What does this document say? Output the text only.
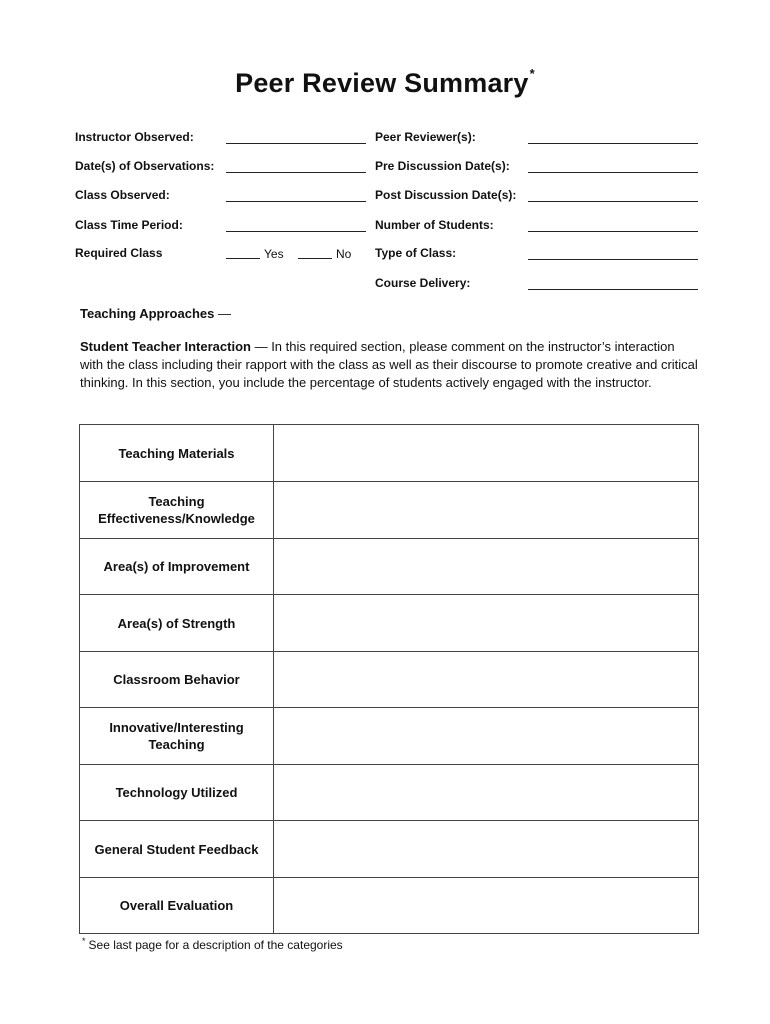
Peer Review Summary*
Instructor Observed:
Date(s) of Observations:
Class Observed:
Class Time Period:
Required Class	Yes	No
Peer Reviewer(s):
Pre Discussion Date(s):
Post Discussion Date(s):
Number of Students:
Type of Class:
Course Delivery:
Teaching Approaches —
Student Teacher Interaction — In this required section, please comment on the instructor’s interaction with the class including their rapport with the class as well as their discourse to promote creative and critical thinking. In this section, you include the percentage of students actively engaged with the instructor.
Teaching Materials	
Teaching Effectiveness/Knowledge	
Area(s) of Improvement	
Area(s) of Strength	
Classroom Behavior	
Innovative/Interesting Teaching	
Technology Utilized	
General Student Feedback	
Overall Evaluation	
* See last page for a description of the categories
